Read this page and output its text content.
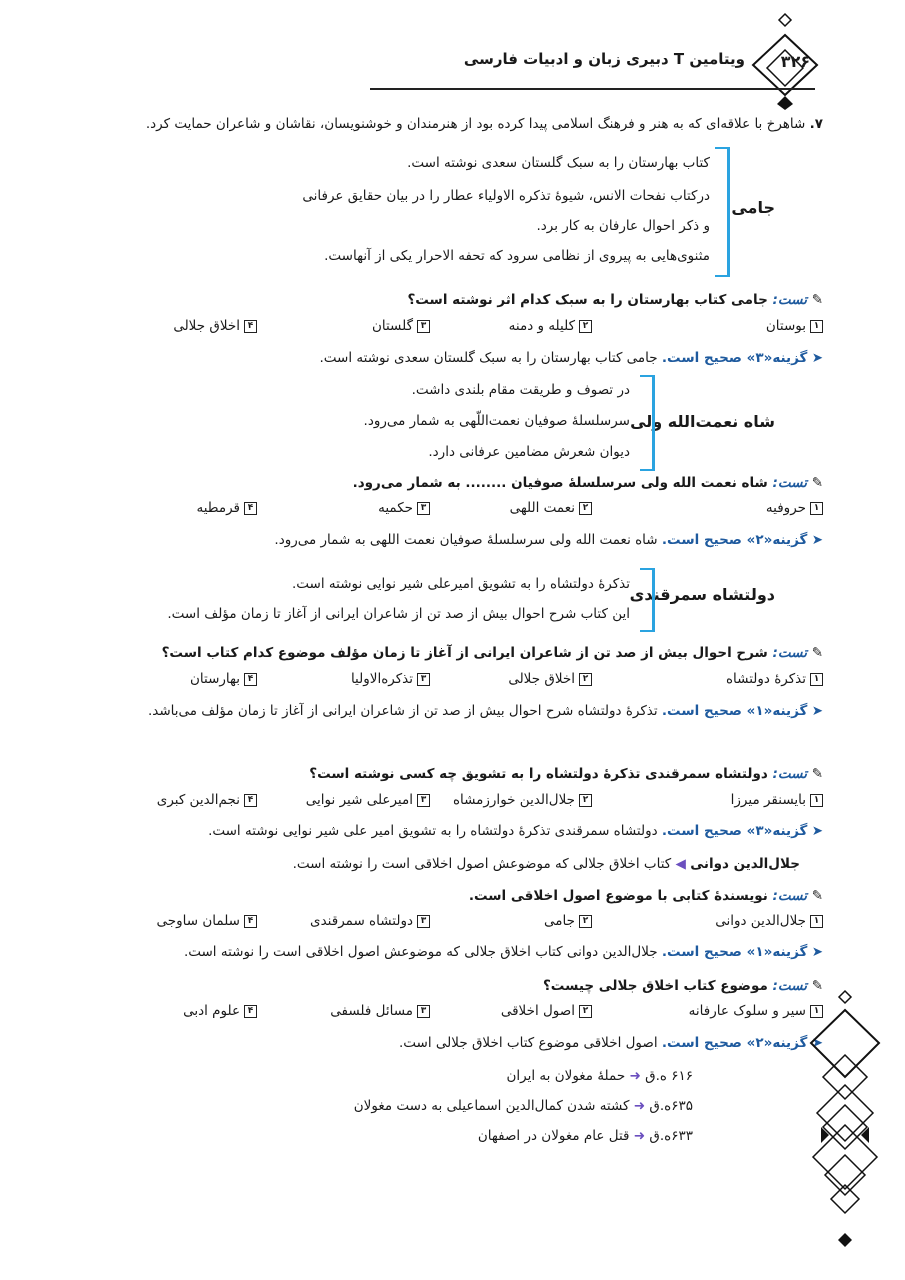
۳۲۶
ویتامین T دبیری زبان و ادبیات فارسی
۷. شاهرخ با علاقه‌ای که به هنر و فرهنگ اسلامی پیدا کرده بود از هنرمندان و خوشنویسان، نقاشان و شاعران حمایت کرد.
جامی
کتاب بهارستان را به سبک گلستان سعدی نوشته است.
درکتاب نفحات الانس، شیوهٔ تذکره الاولیاء عطار را در بیان حقایق عرفانی
و ذکر احوال عارفان به کار برد.
مثنوی‌هایی به پیروی از نظامی سرود که تحفه الاحرار یکی از آنهاست.
✎ تست: جامی کتاب بهارستان را به سبک کدام اثر نوشته است؟
۱بوستان
۲کلیله و دمنه
۳گلستان
۴اخلاق جلالی
➤ گزینه«۳» صحیح است. جامی کتاب بهارستان را به سبک گلستان سعدی نوشته است.
شاه نعمت‌الله ولی
در تصوف و طریقت مقام بلندی داشت.
سرسلسلهٔ صوفیان نعمت‌اللّهی به شمار می‌رود.
دیوان شعرش مضامین عرفانی دارد.
✎ تست: شاه نعمت الله ولی سرسلسلهٔ صوفیان ........ به شمار می‌رود.
۱حروفیه
۲نعمت اللهی
۳حکمیه
۴قرمطیه
➤ گزینه«۲» صحیح است. شاه نعمت الله ولی سرسلسلهٔ صوفیان نعمت اللهی به شمار می‌رود.
دولتشاه سمرقندی
تذکرهٔ دولتشاه را به تشویق امیرعلی شیر نوایی نوشته است.
این کتاب شرح احوال بیش از صد تن از شاعران ایرانی از آغاز تا زمان مؤلف است.
✎ تست: شرح احوال بیش از صد تن از شاعران ایرانی از آغاز تا زمان مؤلف موضوع کدام کتاب است؟
۱تذکرهٔ دولتشاه
۲اخلاق جلالی
۳تذکره‌الاولیا
۴بهارستان
➤ گزینه«۱» صحیح است. تذکرهٔ دولتشاه شرح احوال بیش از صد تن از شاعران ایرانی از آغاز تا زمان مؤلف می‌باشد.
✎ تست: دولتشاه سمرقندی تذکرهٔ دولتشاه را به تشویق چه کسی نوشته است؟
۱بایسنقر میرزا
۲جلال‌الدین خوارزمشاه
۳امیرعلی شیر نوایی
۴نجم‌الدین کبری
➤ گزینه«۳» صحیح است. دولتشاه سمرقندی تذکرهٔ دولتشاه را به تشویق امیر علی شیر نوایی نوشته است.
جلال‌الدین دوانی ◀ کتاب اخلاق جلالی که موضوعش اصول اخلاقی است را نوشته است.
✎ تست: نویسندهٔ کتابی با موضوع اصول اخلاقی است.
۱جلال‌الدین دوانی
۲جامی
۳دولتشاه سمرقندی
۴سلمان ساوجی
➤ گزینه«۱» صحیح است. جلال‌الدین دوانی کتاب اخلاق جلالی که موضوعش اصول اخلاقی است را نوشته است.
✎ تست: موضوع کتاب اخلاق جلالی چیست؟
۱سیر و سلوک عارفانه
۲اصول اخلاقی
۳مسائل فلسفی
۴علوم ادبی
➤ گزینه«۲» صحیح است. اصول اخلاقی موضوع کتاب اخلاق جلالی است.
۶۱۶ ه.ق ➜ حملهٔ مغولان به ایران
۶۳۵ه.ق ➜ کشته شدن کمال‌الدین اسماعیلی به دست مغولان
۶۳۳ه.ق ➜ قتل عام مغولان در اصفهان
